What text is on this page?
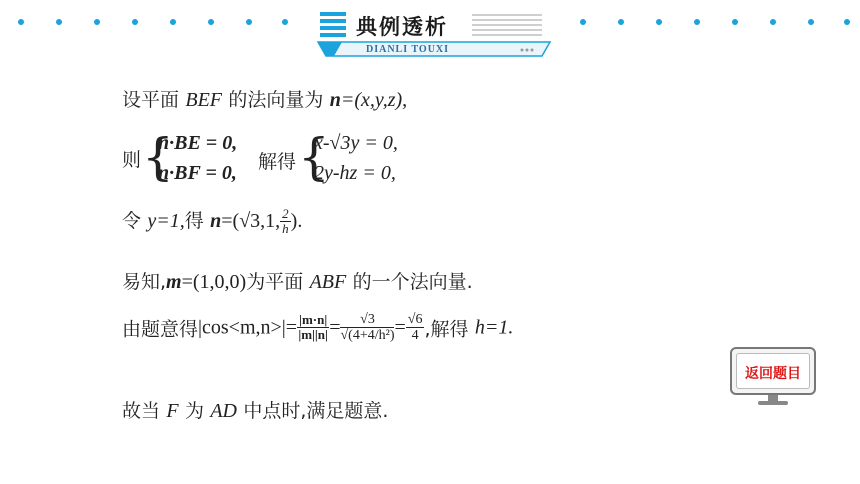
典例透析
DIANLI TOUXI
设平面 BEF 的法向量为 n=(x,y,z),
则 {
n·BE = 0,
n·BF = 0, 解得 {
x-√3y = 0,
2y-hz = 0,
令 y=1,得 n=(√3,1, $\frac{2}{h}$ ).
易知,m=(1,0,0)为平面 ABF 的一个法向量.
由题意得$|\cos<m,n>|= \frac{|m\cdot n|}{|m||n|} = \frac{√3}{\text{√(4+4/h²)}} = \frac{√6}{4}$ ,解得 h=1.
故当 F 为 AD 中点时,满足题意.
返回题目
